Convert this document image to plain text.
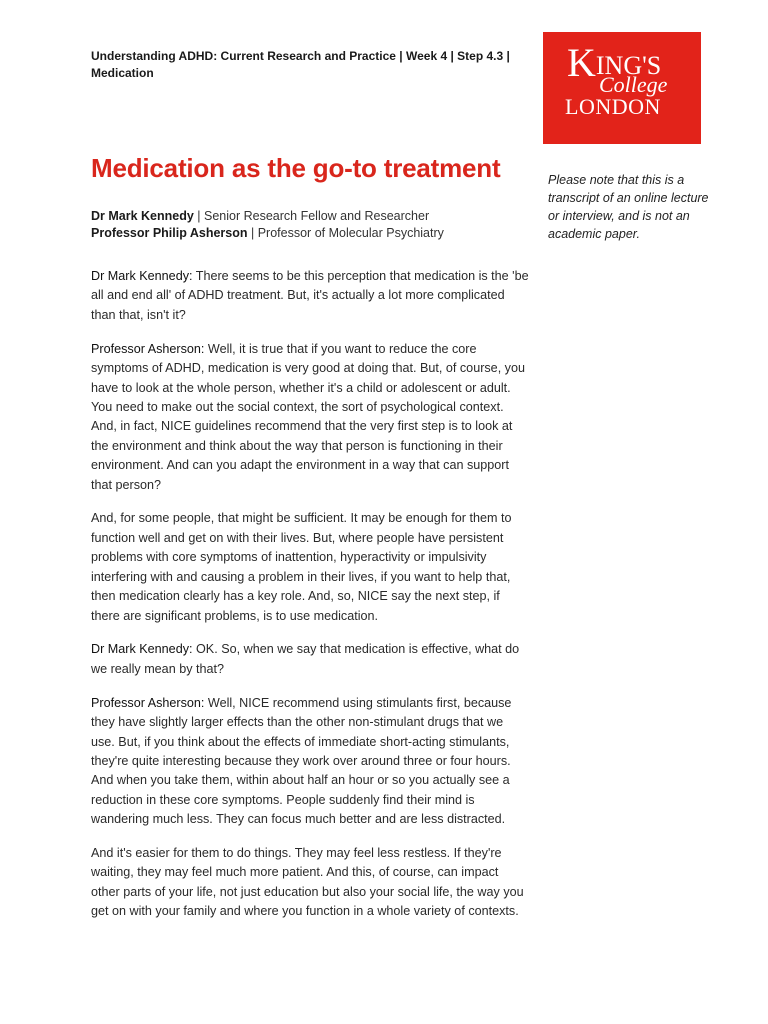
Understanding ADHD: Current Research and Practice | Week 4 | Step 4.3 | Medication	KING'S
College
LONDON
Medication as the go-to treatment
Dr Mark Kennedy | Senior Research Fellow and Researcher
Professor Philip Asherson | Professor of Molecular Psychiatry
Please note that this is a transcript of an online lecture or interview, and is not an academic paper.

Dr Mark Kennedy: There seems to be this perception that medication is the 'be all and end all' of ADHD treatment. But, it's actually a lot more complicated than that, isn't it?

Professor Asherson: Well, it is true that if you want to reduce the core symptoms of ADHD, medication is very good at doing that. But, of course, you have to look at the whole person, whether it's a child or adolescent or adult. You need to make out the social context, the sort of psychological context. And, in fact, NICE guidelines recommend that the very first step is to look at the environment and think about the way that person is functioning in their environment. And can you adapt the environment in a way that can support that person?

And, for some people, that might be sufficient. It may be enough for them to function well and get on with their lives. But, where people have persistent problems with core symptoms of inattention, hyperactivity or impulsivity interfering with and causing a problem in their lives, if you want to help that, then medication clearly has a key role. And, so, NICE say the next step, if there are significant problems, is to use medication.

Dr Mark Kennedy: OK. So, when we say that medication is effective, what do we really mean by that?

Professor Asherson: Well, NICE recommend using stimulants first, because they have slightly larger effects than the other non-stimulant drugs that we use. But, if you think about the effects of immediate short-acting stimulants, they're quite interesting because they work over around three or four hours. And when you take them, within about half an hour or so you actually see a reduction in these core symptoms. People suddenly find their mind is wandering much less. They can focus much better and are less distracted.

And it's easier for them to do things. They may feel less restless. If they're waiting, they may feel much more patient. And this, of course, can impact other parts of your life, not just education but also your social life, the way you get on with your family and where you function in a whole variety of contexts.
